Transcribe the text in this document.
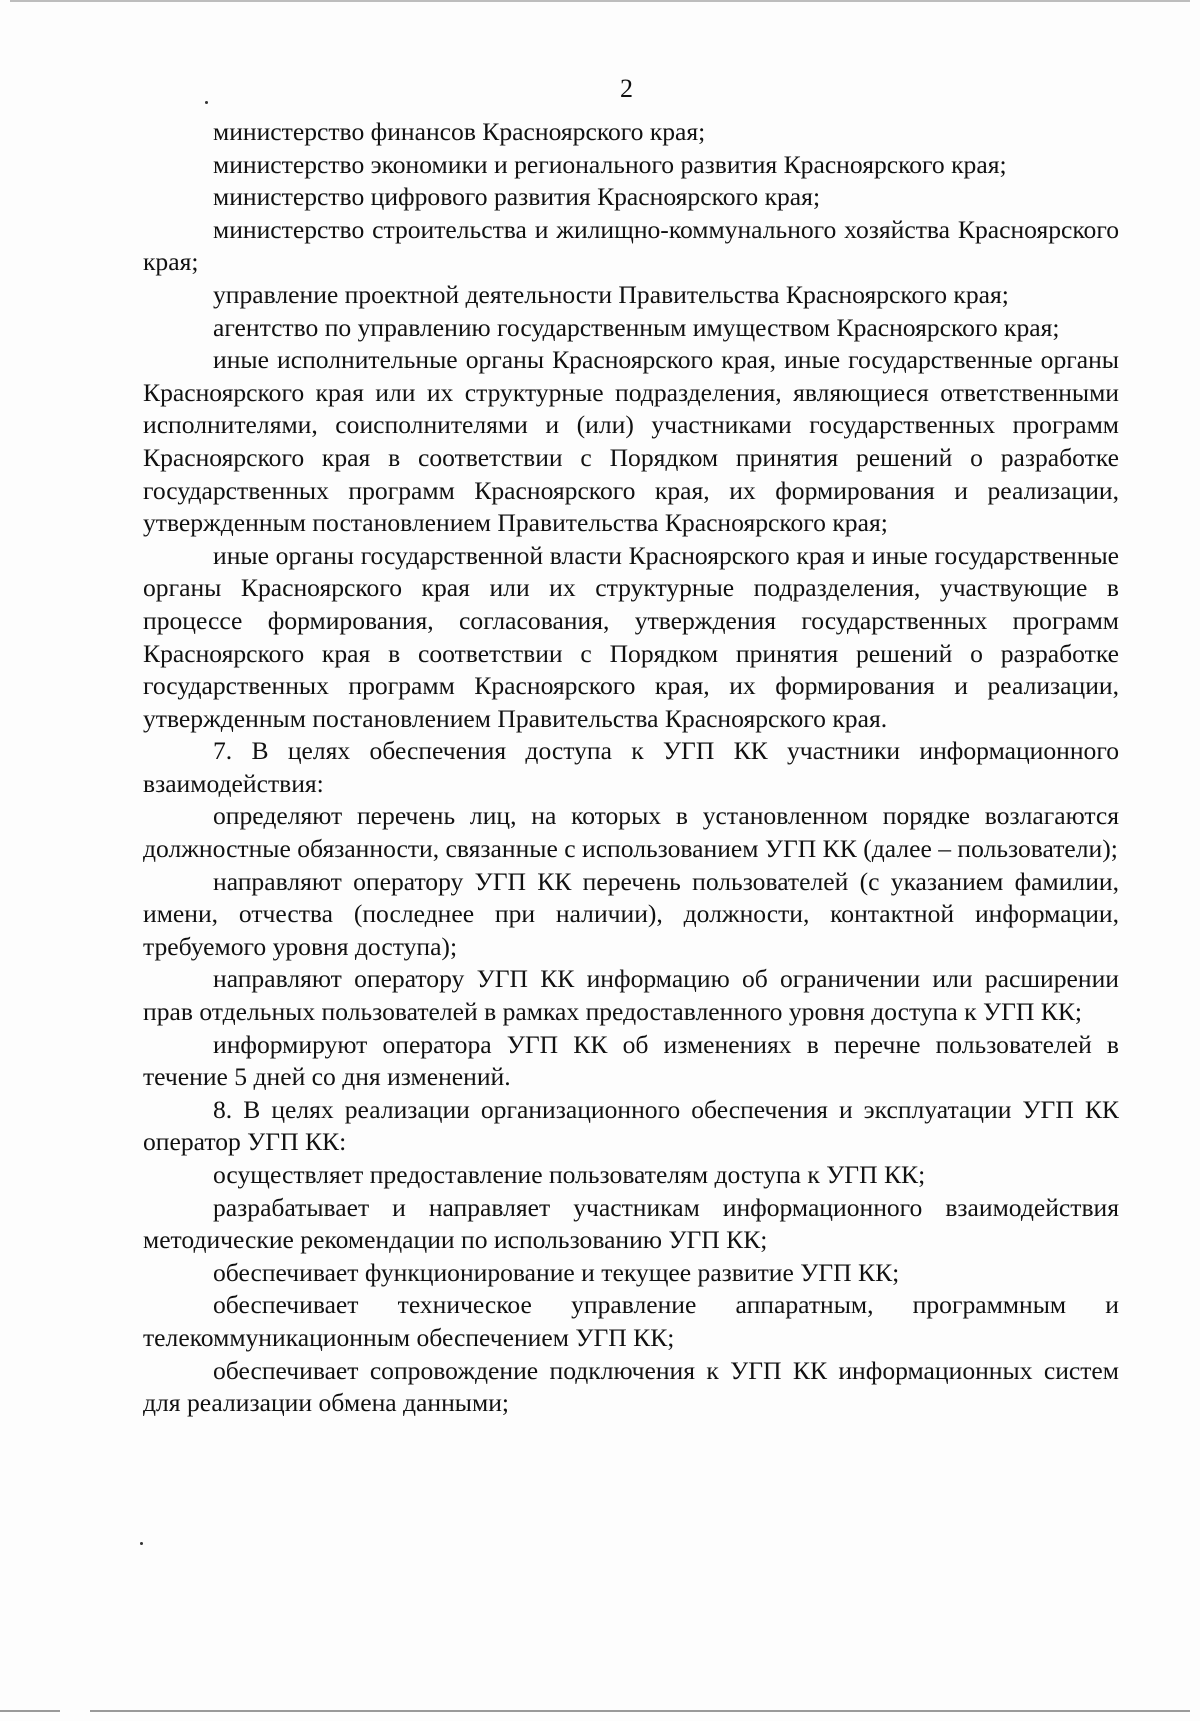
2

министерство финансов Красноярского края;

министерство экономики и регионального развития Красноярского края;

министерство цифрового развития Красноярского края;

министерство строительства и жилищно-коммунального хозяйства Красноярского края;

управление проектной деятельности Правительства Красноярского края;

агентство по управлению государственным имуществом Красноярского края;

иные исполнительные органы Красноярского края, иные государственные органы Красноярского края или их структурные подразделения, являющиеся ответственными исполнителями, соисполнителями и (или) участниками государственных программ Красноярского края в соответствии с Порядком принятия решений о разработке государственных программ Красноярского края, их формирования и реализации, утвержденным постановлением Правительства Красноярского края;

иные органы государственной власти Красноярского края и иные государственные органы Красноярского края или их структурные подразделения, участвующие в процессе формирования, согласования, утверждения государственных программ Красноярского края в соответствии с Порядком принятия решений о разработке государственных программ Красноярского края, их формирования и реализации, утвержденным постановлением Правительства Красноярского края.

7. В целях обеспечения доступа к УГП КК участники информационного взаимодействия:

определяют перечень лиц, на которых в установленном порядке возлагаются должностные обязанности, связанные с использованием УГП КК (далее – пользователи);

направляют оператору УГП КК перечень пользователей (с указанием фамилии, имени, отчества (последнее при наличии), должности, контактной информации, требуемого уровня доступа);

направляют оператору УГП КК информацию об ограничении или расширении прав отдельных пользователей в рамках предоставленного уровня доступа к УГП КК;

информируют оператора УГП КК об изменениях в перечне пользователей в течение 5 дней со дня изменений.

8. В целях реализации организационного обеспечения и эксплуатации УГП КК оператор УГП КК:

осуществляет предоставление пользователям доступа к УГП КК;

разрабатывает и направляет участникам информационного взаимодействия методические рекомендации по использованию УГП КК;

обеспечивает функционирование и текущее развитие УГП КК;

обеспечивает техническое управление аппаратным, программным и телекоммуникационным обеспечением УГП КК;

обеспечивает сопровождение подключения к УГП КК информационных систем для реализации обмена данными;
